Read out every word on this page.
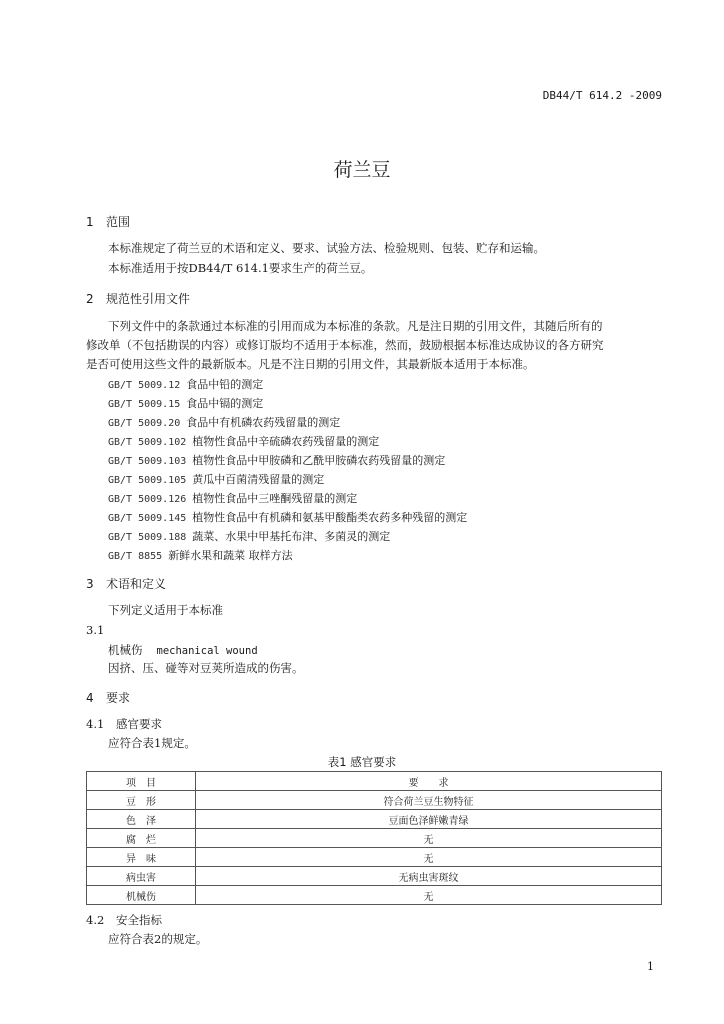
DB44/T 614.2 -2009
荷兰豆
1 范围
本标准规定了荷兰豆的术语和定义、要求、试验方法、检验规则、包装、贮存和运输。
本标准适用于按DB44/T 614.1要求生产的荷兰豆。
2 规范性引用文件
下列文件中的条款通过本标准的引用而成为本标准的条款。凡是注日期的引用文件，其随后所有的
修改单（不包括勘误的内容）或修订版均不适用于本标准，然而，鼓励根据本标准达成协议的各方研究
是否可使用这些文件的最新版本。凡是不注日期的引用文件，其最新版本适用于本标准。
GB/T 5009.12 食品中铅的测定
GB/T 5009.15 食品中镉的测定
GB/T 5009.20 食品中有机磷农药残留量的测定
GB/T 5009.102 植物性食品中辛硫磷农药残留量的测定
GB/T 5009.103 植物性食品中甲胺磷和乙酰甲胺磷农药残留量的测定
GB/T 5009.105 黄瓜中百菌清残留量的测定
GB/T 5009.126 植物性食品中三唑酮残留量的测定
GB/T 5009.145 植物性食品中有机磷和氨基甲酸酯类农药多种残留的测定
GB/T 5009.188 蔬菜、水果中甲基托布津、多菌灵的测定
GB/T 8855 新鲜水果和蔬菜 取样方法
3 术语和定义
下列定义适用于本标准
3.1
机械伤 mechanical wound
因挤、压、碰等对豆荚所造成的伤害。
4 要求
4.1 感官要求
应符合表1规定。
表1 感官要求
项　目	要　　求
豆　形	符合荷兰豆生物特征
色　泽	豆面色泽鲜嫩青绿
腐　烂	无
异　味	无
病虫害	无病虫害斑纹
机械伤	无
4.2 安全指标
应符合表2的规定。
1
